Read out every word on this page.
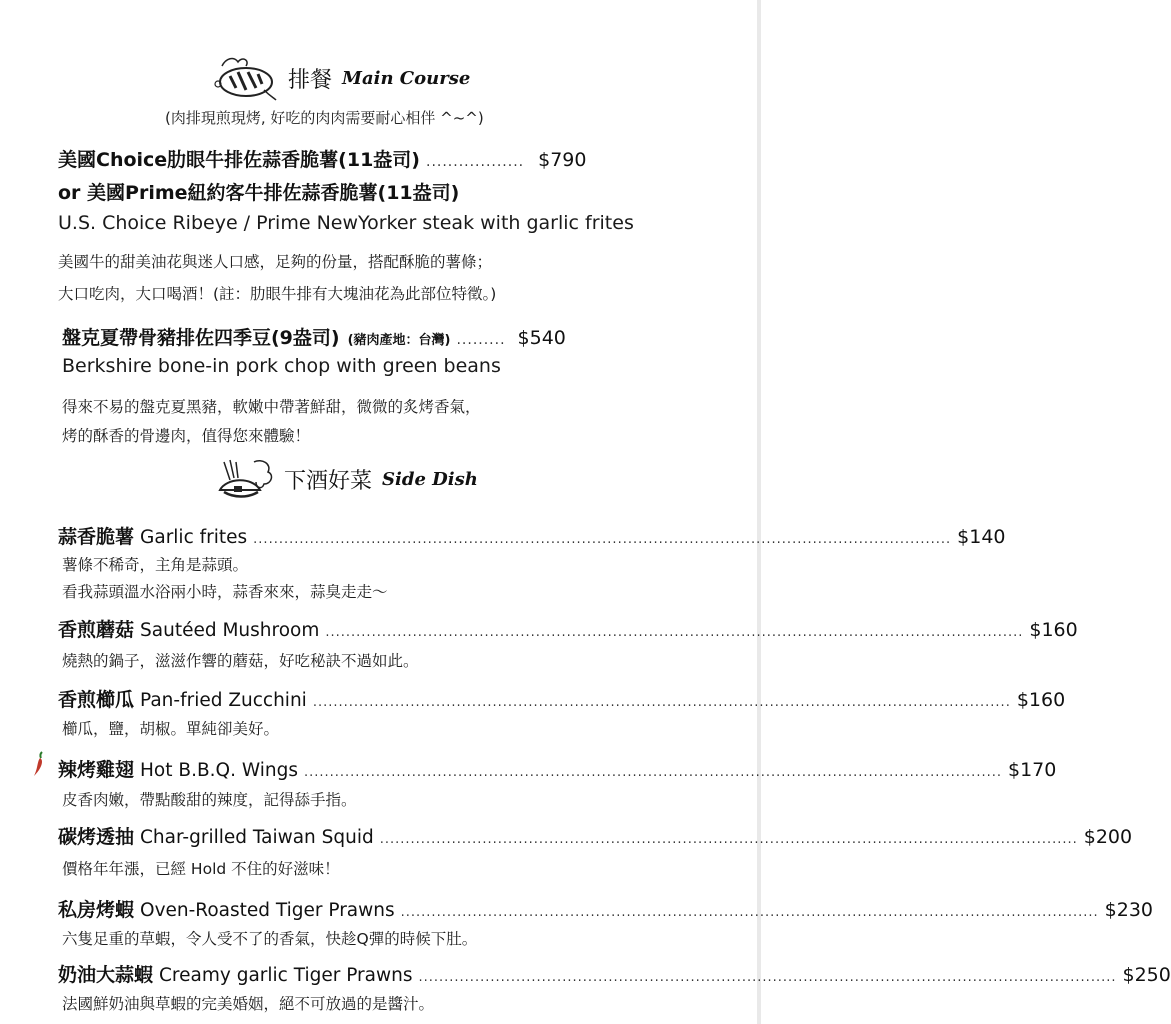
排餐 Main Course
(肉排現煎現烤, 好吃的肉肉需要耐心相伴 ^~^)
美國Choice肋眼牛排佐蒜香脆薯(11盎司) .................. $790
or 美國Prime紐約客牛排佐蒜香脆薯(11盎司)
U.S. Choice Ribeye / Prime NewYorker steak with garlic frites
美國牛的甜美油花與迷人口感，足夠的份量，搭配酥脆的薯條；
大口吃肉，大口喝酒！(註：肋眼牛排有大塊油花為此部位特徵。)
盤克夏帶骨豬排佐四季豆(9盎司) (豬肉產地：台灣) ......... $540
Berkshire bone-in pork chop with green beans
得來不易的盤克夏黑豬，軟嫩中帶著鮮甜，微微的炙烤香氣，
烤的酥香的骨邊肉，值得您來體驗！
下酒好菜 Side Dish
蒜香脆薯 Garlic frites ........................................................................................................................................ $140
薯條不稀奇，主角是蒜頭。
看我蒜頭溫水浴兩小時，蒜香來來，蒜臭走走～
香煎蘑菇 Sautéed Mushroom ........................................................................................................................................ $160
燒熱的鍋子，滋滋作響的蘑菇，好吃秘訣不過如此。
香煎櫛瓜 Pan-fried Zucchini ........................................................................................................................................ $160
櫛瓜，鹽，胡椒。單純卻美好。
辣烤雞翅 Hot B.B.Q. Wings ........................................................................................................................................ $170
皮香肉嫩，帶點酸甜的辣度，記得舔手指。
碳烤透抽 Char-grilled Taiwan Squid ........................................................................................................................................ $200
價格年年漲，已經 Hold 不住的好滋味！
私房烤蝦 Oven-Roasted Tiger Prawns ........................................................................................................................................ $230
六隻足重的草蝦，令人受不了的香氣，快趁Q彈的時候下肚。
奶油大蒜蝦 Creamy garlic Tiger Prawns ........................................................................................................................................ $250
法國鮮奶油與草蝦的完美婚姻，絕不可放過的是醬汁。
